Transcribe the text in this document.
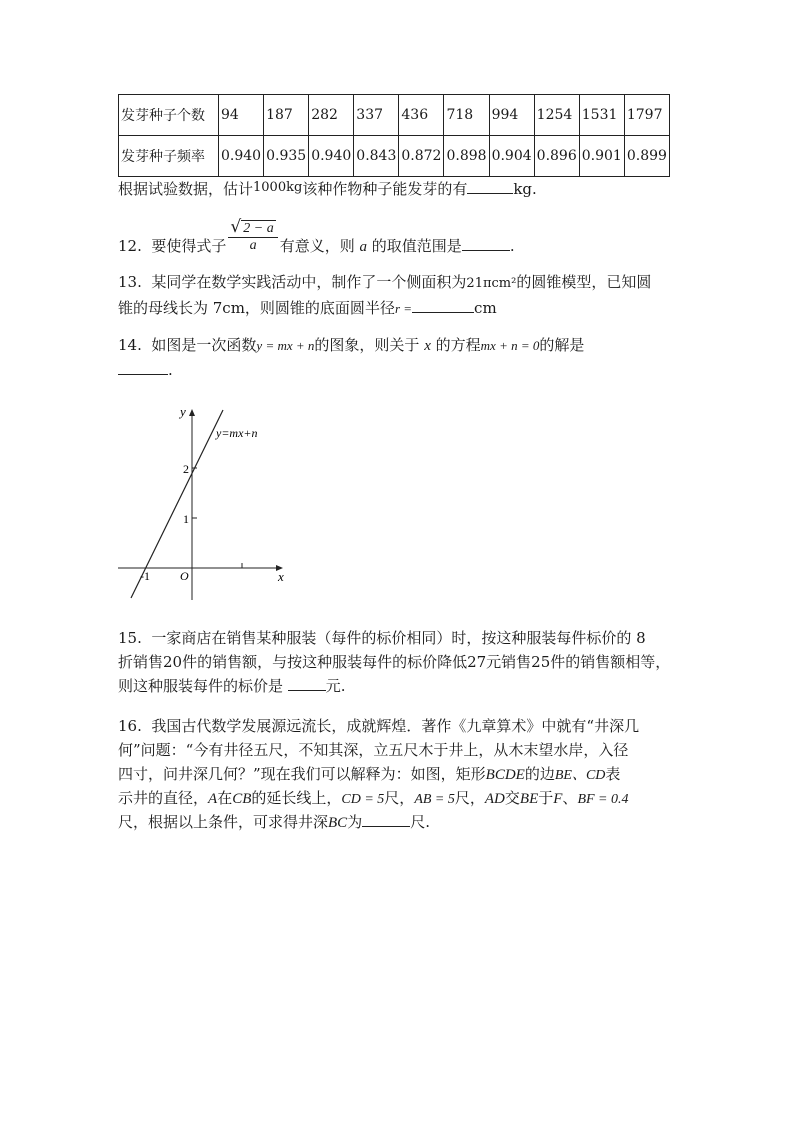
发芽种子个数	94	187	282	337	436	718	994	1254	1531	1797
发芽种子频率	0.940	0.935	0.940	0.843	0.872	0.898	0.904	0.896	0.901	0.899
根据试验数据，估计1000kg该种作物种子能发芽的有	kg.
12. 要使得式子 $\frac{√ 2 - a}{a}$ 有意义，则 a 的取值范围是	.
13. 某同学在数学实践活动中，制作了一个侧面积为21πcm²的圆锥模型，已知圆
锥的母线长为 7cm，则圆锥的底面圆半径r =	cm
14. 如图是一次函数y = mx + n的图象，则关于 x 的方程mx + n = 0的解是
.
y
x
O
-1
1
2
y=mx+n
15. 一家商店在销售某种服装（每件的标价相同）时，按这种服装每件标价的 8
折销售20件的销售额，与按这种服装每件的标价降低27元销售25件的销售额相等，
则这种服装每件的标价是	元.
16. 我国古代数学发展源远流长，成就辉煌．著作《九章算术》中就有“井深几
何”问题：“今有井径五尺，不知其深，立五尺木于井上，从木末望水岸，入径
四寸，问井深几何？”现在我们可以解释为：如图，矩形BCDE的边BE、CD表
示井的直径，A在CB的延长线上，CD = 5尺，AB = 5尺，AD交BE于F、BF = 0.4
尺，根据以上条件，可求得井深BC为	尺.
